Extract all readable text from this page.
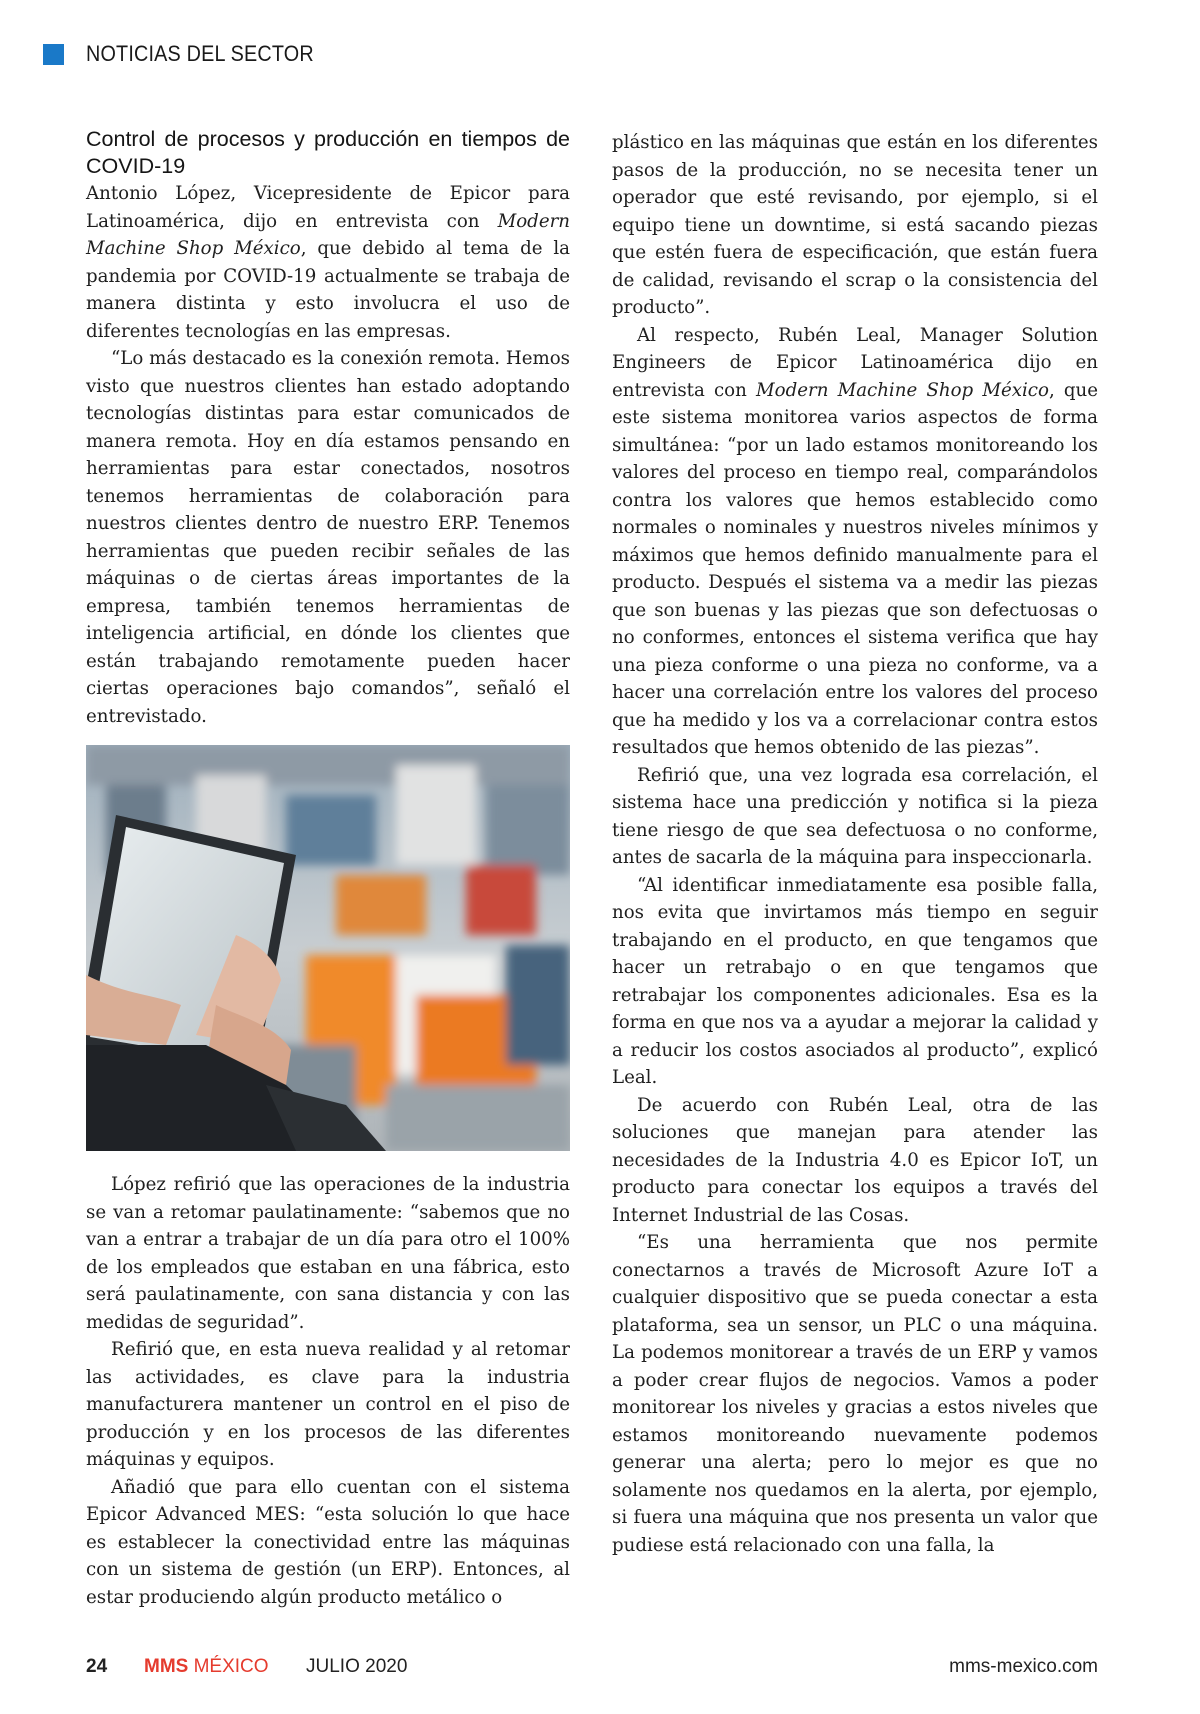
NOTICIAS DEL SECTOR
Control de procesos y producción en tiempos de COVID-19

Antonio López, Vicepresidente de Epicor para Latinoamérica, dijo en entrevista con Modern Machine Shop México, que debido al tema de la pandemia por COVID-19 actualmente se trabaja de manera distinta y esto involucra el uso de diferentes tecnologías en las empresas.

“Lo más destacado es la conexión remota. Hemos visto que nuestros clientes han estado adoptando tecnologías distintas para estar comunicados de manera remota. Hoy en día estamos pensando en herramientas para estar conectados, nosotros tenemos herramientas de colaboración para nuestros clientes dentro de nuestro ERP. Tenemos herramientas que pueden recibir señales de las máquinas o de ciertas áreas importantes de la empresa, también tenemos herramientas de inteligencia artificial, en dónde los clientes que están trabajando remotamente pueden hacer ciertas operaciones bajo comandos”, señaló el entrevistado.

López refirió que las operaciones de la industria se van a retomar paulatinamente: “sabemos que no van a entrar a trabajar de un día para otro el 100% de los empleados que estaban en una fábrica, esto será paulatinamente, con sana distancia y con las medidas de seguridad”.

Refirió que, en esta nueva realidad y al retomar las actividades, es clave para la industria manufacturera mantener un control en el piso de producción y en los procesos de las diferentes máquinas y equipos.

Añadió que para ello cuentan con el sistema Epicor Advanced MES: “esta solución lo que hace es establecer la conectividad entre las máquinas con un sistema de gestión (un ERP). Entonces, al estar produciendo algún producto metálico o

plástico en las máquinas que están en los diferentes pasos de la producción, no se necesita tener un operador que esté revisando, por ejemplo, si el equipo tiene un downtime, si está sacando piezas que estén fuera de especificación, que están fuera de calidad, revisando el scrap o la consistencia del producto”.

Al respecto, Rubén Leal, Manager Solution Engineers de Epicor Latinoamérica dijo en entrevista con Modern Machine Shop México, que este sistema monitorea varios aspectos de forma simultánea: “por un lado estamos monitoreando los valores del proceso en tiempo real, comparándolos contra los valores que hemos establecido como normales o nominales y nuestros niveles mínimos y máximos que hemos definido manualmente para el producto. Después el sistema va a medir las piezas que son buenas y las piezas que son defectuosas o no conformes, entonces el sistema verifica que hay una pieza conforme o una pieza no conforme, va a hacer una correlación entre los valores del proceso que ha medido y los va a correlacionar contra estos resultados que hemos obtenido de las piezas”.

Refirió que, una vez lograda esa correlación, el sistema hace una predicción y notifica si la pieza tiene riesgo de que sea defectuosa o no conforme, antes de sacarla de la máquina para inspeccionarla.

“Al identificar inmediatamente esa posible falla, nos evita que invirtamos más tiempo en seguir trabajando en el producto, en que tengamos que hacer un retrabajo o en que tengamos que retrabajar los componentes adicionales. Esa es la forma en que nos va a ayudar a mejorar la calidad y a reducir los costos asociados al producto”, explicó Leal.

De acuerdo con Rubén Leal, otra de las soluciones que manejan para atender las necesidades de la Industria 4.0 es Epicor IoT, un producto para conectar los equipos a través del Internet Industrial de las Cosas.

“Es una herramienta que nos permite conectarnos a través de Microsoft Azure IoT a cualquier dispositivo que se pueda conectar a esta plataforma, sea un sensor, un PLC o una máquina. La podemos monitorear a través de un ERP y vamos a poder crear flujos de negocios. Vamos a poder monitorear los niveles y gracias a estos niveles que estamos monitoreando nuevamente podemos generar una alerta; pero lo mejor es que no solamente nos quedamos en la alerta, por ejemplo, si fuera una máquina que nos presenta un valor que pudiese está relacionado con una falla, la

24 MMS MÉXICO JULIO 2020	mms-mexico.com
